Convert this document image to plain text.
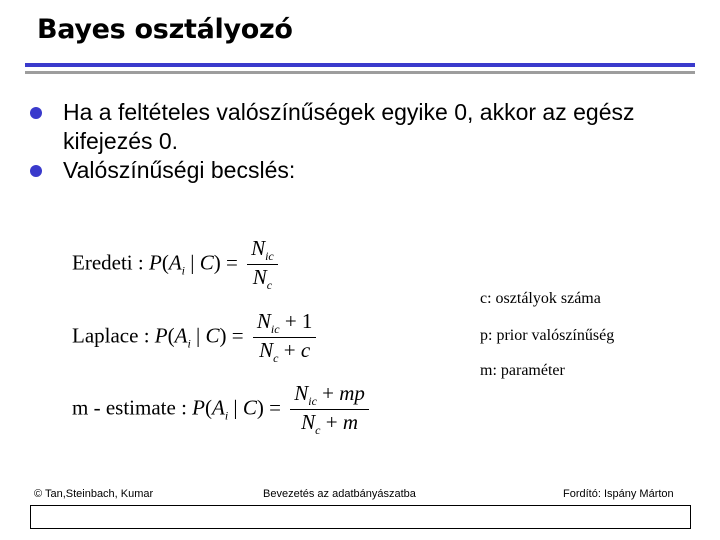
Bayes osztályozó
Ha a feltételes valószínűségek egyike 0, akkor az egész kifejezés 0.
Valószínűségi becslés:
Eredeti : $P(A_i$ | $C) = \frac{N_{ic}}{N_c}$
Laplace : $P(A_i$ | $C) = \frac{N_{ic} + 1}{N_c + c}$
m - estimate : $P(A_i$ | $C) = \frac{N_{ic} + mp}{N_c + m}$
c: osztályok száma
p: prior valószínűség
m: paraméter
© Tan,Steinbach, Kumar	Bevezetés az adatbányászatba	Fordító: Ispány Márton
